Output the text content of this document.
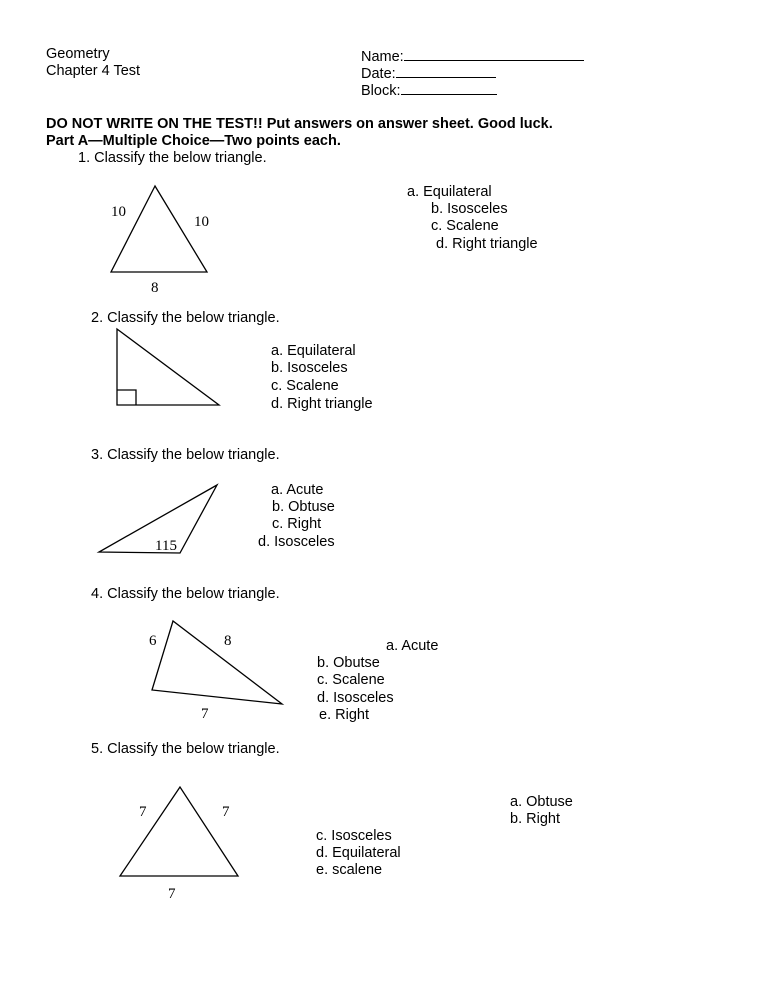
Geometry
Chapter 4 Test
Name:
Date:
Block:
DO NOT WRITE ON THE TEST!! Put answers on answer sheet. Good luck.
Part A—Multiple Choice—Two points each.
1. Classify the below triangle.
10
10
8
a. Equilateral
b. Isosceles
c. Scalene
d. Right triangle
2. Classify the below triangle.
a. Equilateral
b. Isosceles
c. Scalene
d. Right triangle
3. Classify the below triangle.
115
a. Acute
b. Obtuse
c. Right
d. Isosceles
4. Classify the below triangle.
6	8
7
a. Acute
b. Obutse
c. Scalene
d. Isosceles
e. Right
5. Classify the below triangle.
7	7
7
a. Obtuse
b. Right
c. Isosceles
d. Equilateral
e. scalene
